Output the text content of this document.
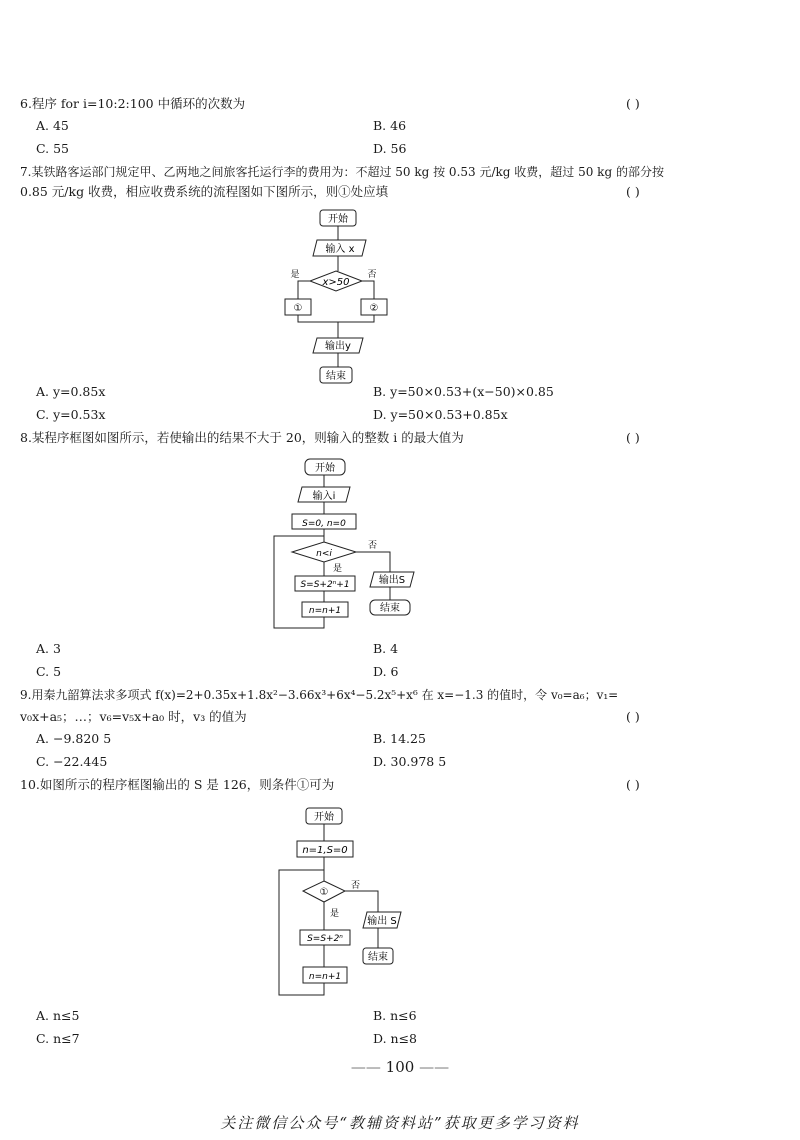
6.程序 for i=10:2:100 中循环的次数为	( )
A. 45	B. 46
C. 55	D. 56
7.某铁路客运部门规定甲、乙两地之间旅客托运行李的费用为：不超过 50 kg 按 0.53 元/kg 收费，超过 50 kg 的部分按
0.85 元/kg 收费，相应收费系统的流程图如下图所示，则①处应填	( )
开始
输入 x
x>50
是	否
①	②
输出y
结束
A. y=0.85x	B. y=50×0.53+(x−50)×0.85
C. y=0.53x	D. y=50×0.53+0.85x
8.某程序框图如图所示，若使输出的结果不大于 20，则输入的整数 i 的最大值为	( )
开始
输入i
S=0, n=0
n<i
是
否
S=S+2ⁿ+1
n=n+1
输出S
结束
A. 3	B. 4
C. 5	D. 6
9.用秦九韶算法求多项式 f(x)=2+0.35x+1.8x²−3.66x³+6x⁴−5.2x⁵+x⁶ 在 x=−1.3 的值时，令 v₀=a₆；v₁=
v₀x+a₅；…；v₆=v₅x+a₀ 时，v₃ 的值为	( )
A. −9.820 5	B. 14.25
C. −22.445	D. 30.978 5
10.如图所示的程序框图输出的 S 是 126，则条件①可为	( )
开始
n=1,S=0
①
是
否
S=S+2ⁿ
n=n+1
输出 S
结束
A. n≤5	B. n≤6
C. n≤7	D. n≤8
—— 100 ——
关注微信公众号“教辅资料站”获取更多学习资料
